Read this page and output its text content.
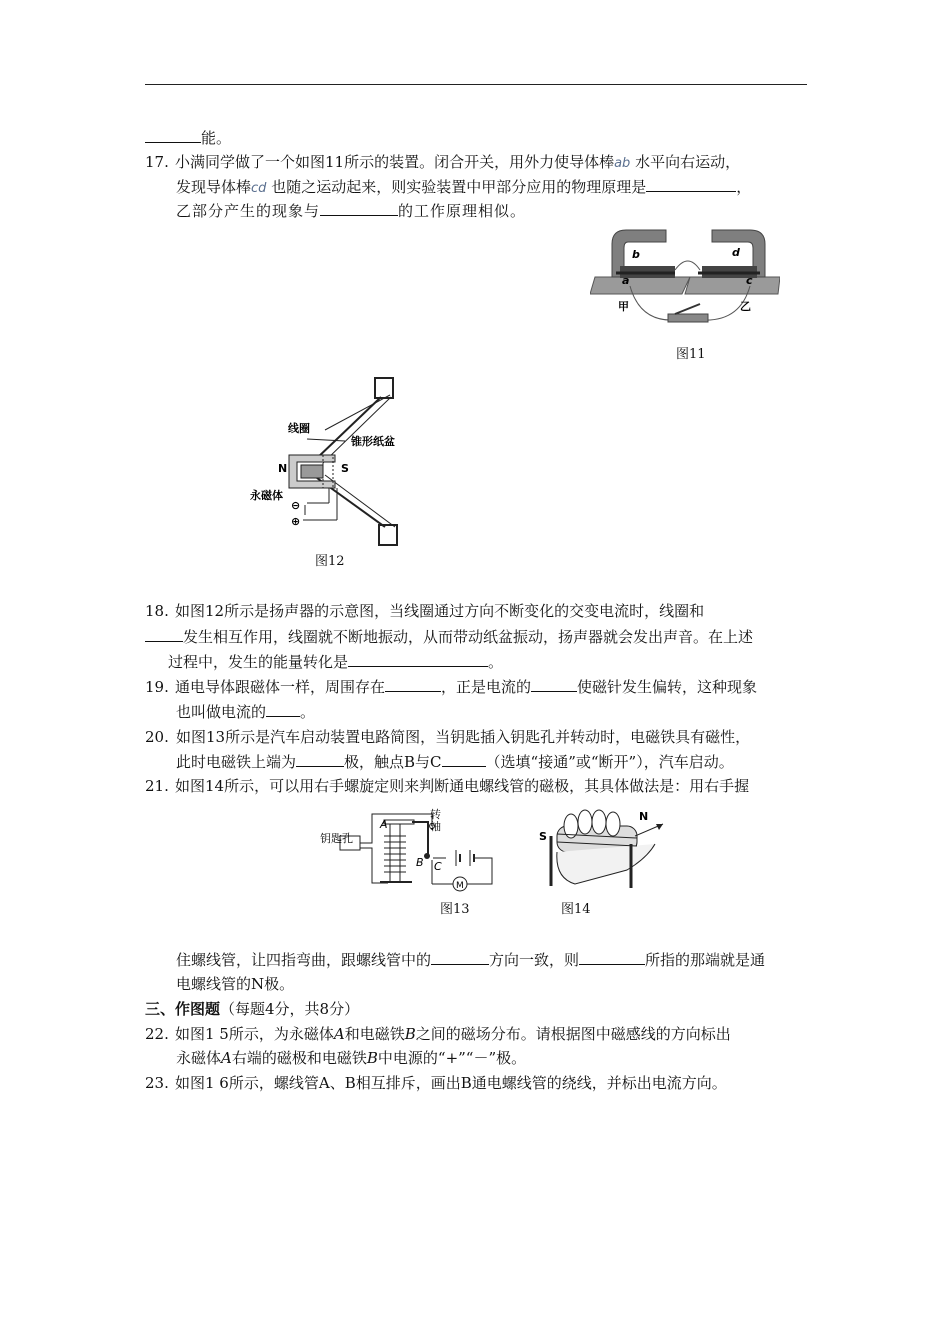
能。
17. 小满同学做了一个如图11所示的装置。闭合开关，用外力使导体棒ab 水平向右运动，
发现导体棒cd 也随之运动起来，则实验装置中甲部分应用的物理原理是	，
乙部分产生的现象与	的工作原理相似。
b
a
d
c
甲	乙
图11
线圈
锥形纸盆
N	S
永磁体
⊖
⊕
图12
18. 如图12所示是扬声器的示意图，当线圈通过方向不断变化的交变电流时，线圈和
发生相互作用，线圈就不断地振动，从而带动纸盆振动，扬声器就会发出声音。在上述
过程中，发生的能量转化是	。
19. 通电导体跟磁体一样，周围存在	，正是电流的	使磁针发生偏转，这种现象
也叫做电流的 。
20. 如图13所示是汽车启动装置电路简图，当钥匙插入钥匙孔并转动时，电磁铁具有磁性，
此时电磁铁上端为	极，触点B与C	（选填“接通”或“断开”），汽车启动。
21. 如图14所示，可以用右手螺旋定则来判断通电螺线管的磁极，其具体做法是：用右手握
钥匙孔
转
轴
A
B C
M
图13
S
N
图14
住螺线管，让四指弯曲，跟螺线管中的	方向一致，则	所指的那端就是通
电螺线管的N极。
三、作图题（每题4分，共8分）
22. 如图1 5所示，为永磁体A和电磁铁B之间的磁场分布。请根据图中磁感线的方向标出
永磁体A右端的磁极和电磁铁B中电源的“+”“－”极。
23. 如图1 6所示，螺线管A、B相互排斥，画出B通电螺线管的绕线，并标出电流方向。
